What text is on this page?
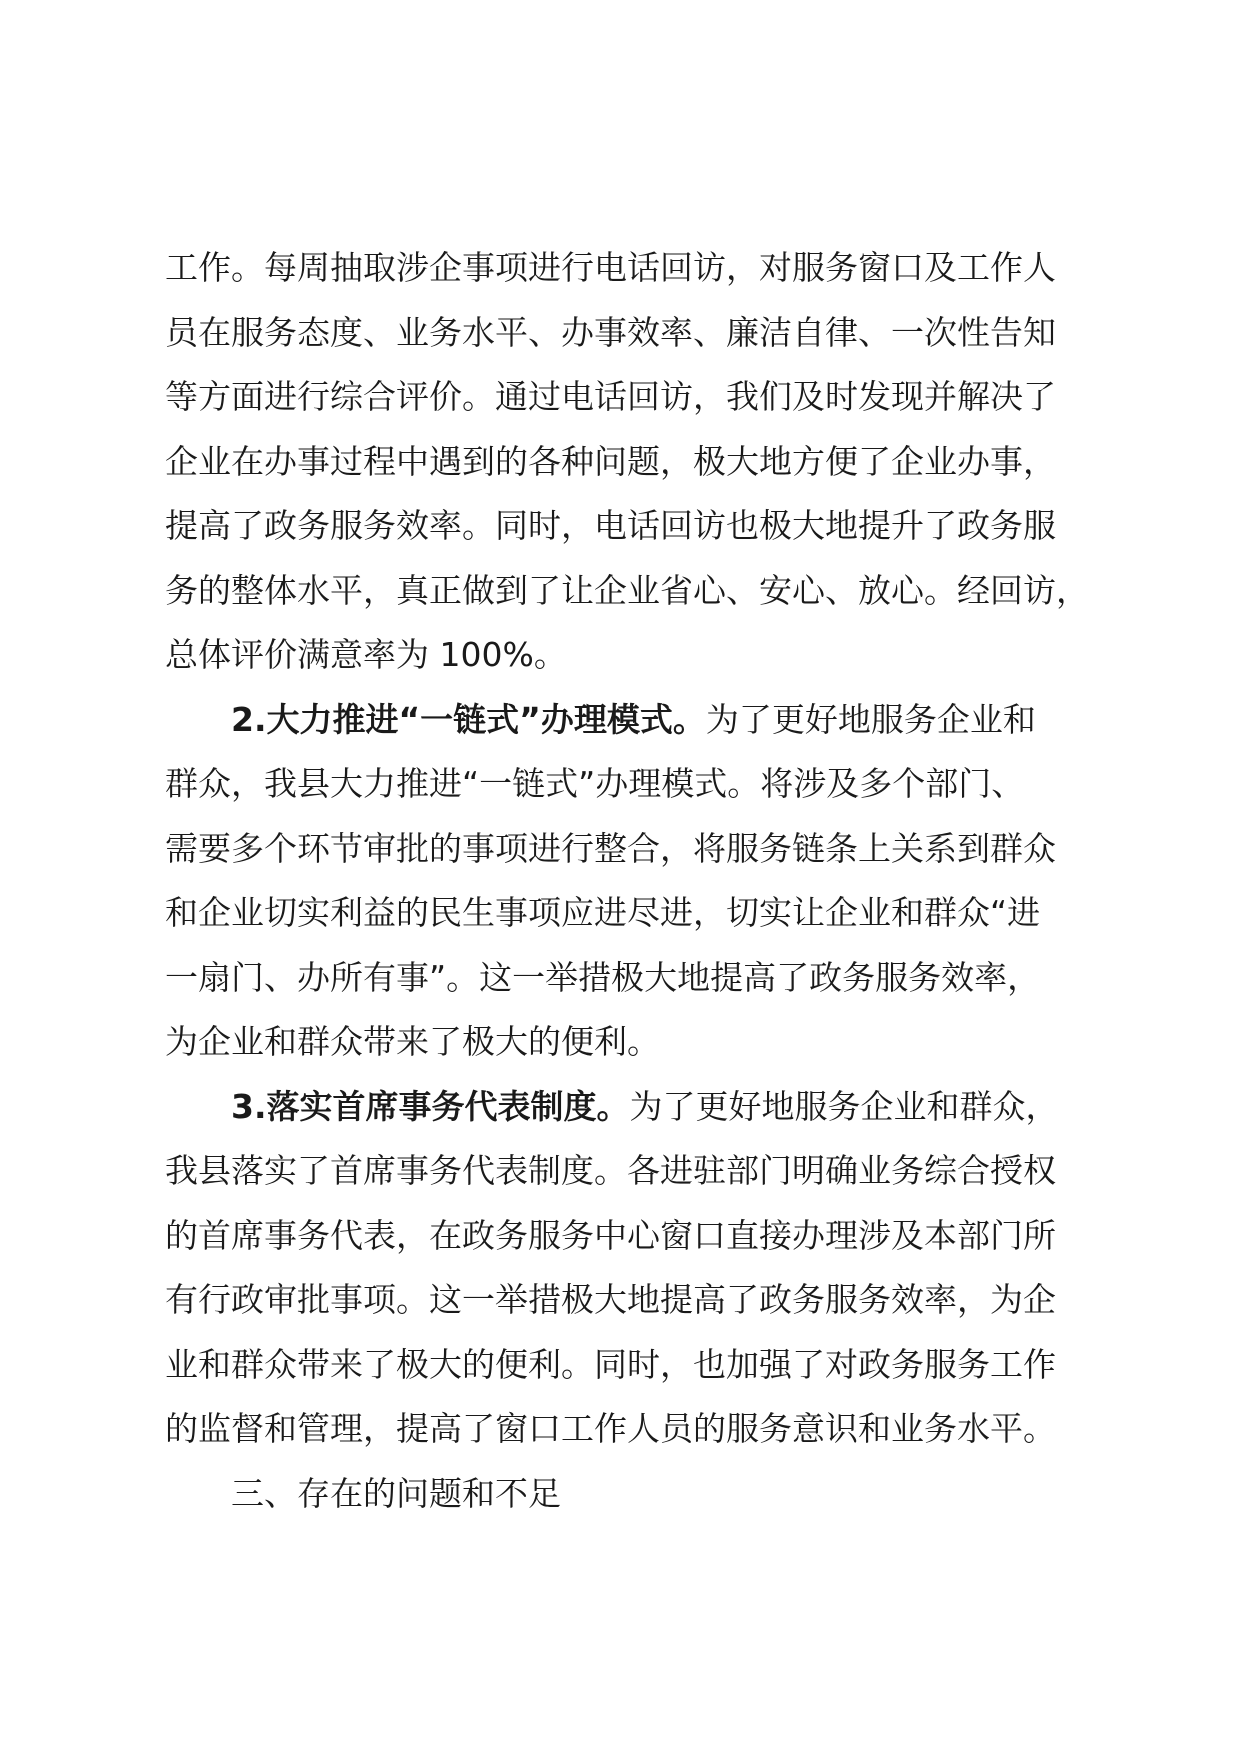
工作。每周抽取涉企事项进行电话回访，对服务窗口及工作人
员在服务态度、业务水平、办事效率、廉洁自律、一次性告知
等方面进行综合评价。通过电话回访，我们及时发现并解决了
企业在办事过程中遇到的各种问题，极大地方便了企业办事，
提高了政务服务效率。同时，电话回访也极大地提升了政务服
务的整体水平，真正做到了让企业省心、安心、放心。经回访，
总体评价满意率为 100%。
2.大力推进“一链式”办理模式。为了更好地服务企业和
群众，我县大力推进“一链式”办理模式。将涉及多个部门、
需要多个环节审批的事项进行整合，将服务链条上关系到群众
和企业切实利益的民生事项应进尽进，切实让企业和群众“进
一扇门、办所有事”。这一举措极大地提高了政务服务效率，
为企业和群众带来了极大的便利。
3.落实首席事务代表制度。为了更好地服务企业和群众，
我县落实了首席事务代表制度。各进驻部门明确业务综合授权
的首席事务代表，在政务服务中心窗口直接办理涉及本部门所
有行政审批事项。这一举措极大地提高了政务服务效率，为企
业和群众带来了极大的便利。同时，也加强了对政务服务工作
的监督和管理，提高了窗口工作人员的服务意识和业务水平。
三、存在的问题和不足
